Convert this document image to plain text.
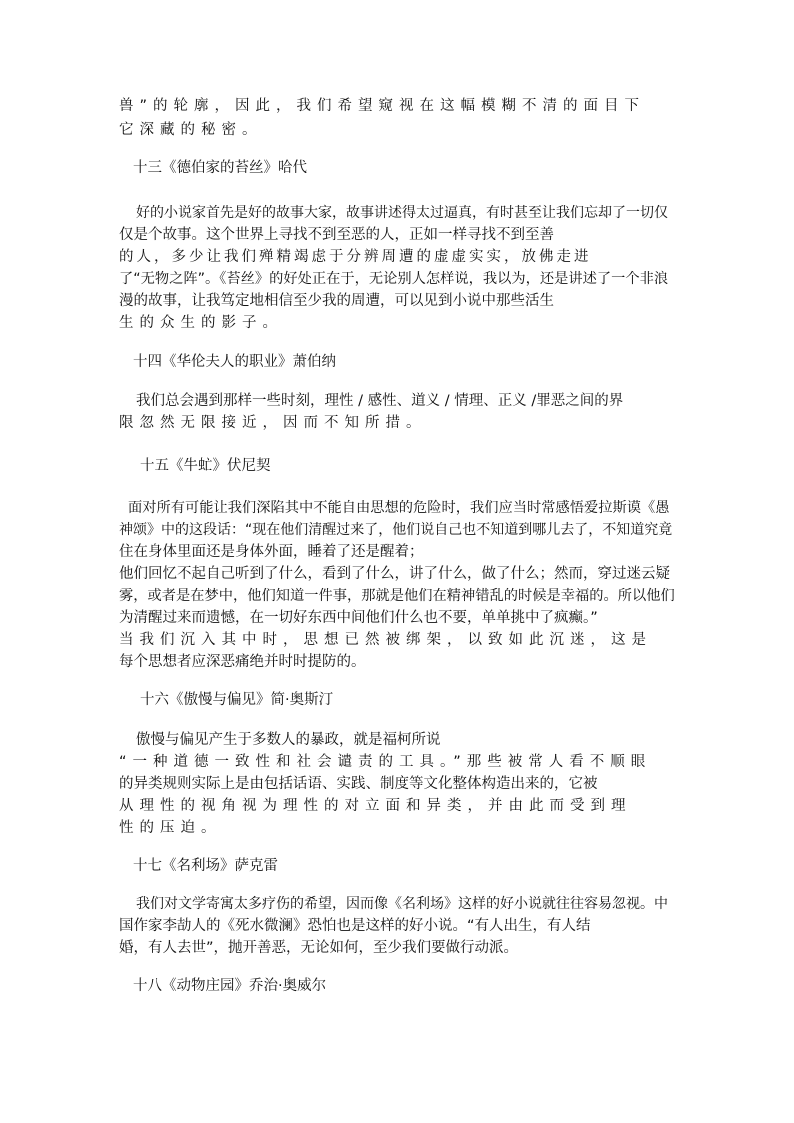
兽”的轮廓，因此，我们希望窥视在这幅模糊不清的面目下

它深藏的秘密。

十三《德伯家的苔丝》哈代

好的小说家首先是好的故事大家，故事讲述得太过逼真，有时甚至让我们忘却了一切仅

仅是个故事。这个世界上寻找不到至恶的人，正如一样寻找不到至善

的人，多少让我们殚精竭虑于分辨周遭的虚虚实实，放佛走进

了“无物之阵”。《苔丝》的好处正在于，无论别人怎样说，我以为，还是讲述了一个非浪

漫的故事，让我笃定地相信至少我的周遭，可以见到小说中那些活生

生的众生的影子。

十四《华伦夫人的职业》萧伯纳

我们总会遇到那样一些时刻，理性 / 感性、道义 / 情理、正义 /罪恶之间的界

限忽然无限接近，因而不知所措。

十五《牛虻》伏尼契

面对所有可能让我们深陷其中不能自由思想的危险时，我们应当时常感悟爱拉斯谟《愚

神颂》中的这段话：“现在他们清醒过来了，他们说自己也不知道到哪儿去了，不知道究竟

住在身体里面还是身体外面，睡着了还是醒着；

他们回忆不起自己听到了什么，看到了什么，讲了什么，做了什么；然而，穿过迷云疑

雾，或者是在梦中，他们知道一件事，那就是他们在精神错乱的时候是幸福的。所以他们

为清醒过来而遗憾，在一切好东西中间他们什么也不要，单单挑中了疯癫。”

当我们沉入其中时，思想已然被绑架，以致如此沉迷，这是

每个思想者应深恶痛绝并时时提防的。

十六《傲慢与偏见》简·奥斯汀

傲慢与偏见产生于多数人的暴政，就是福柯所说

“一种道德一致性和社会谴责的工具。”那些被常人看不顺眼

的异类规则实际上是由包括话语、实践、制度等文化整体构造出来的，它被

从理性的视角视为理性的对立面和异类，并由此而受到理

性的压迫。

十七《名利场》萨克雷

我们对文学寄寓太多疗伤的希望，因而像《名利场》这样的好小说就往往容易忽视。中

国作家李劼人的《死水微澜》恐怕也是这样的好小说。“有人出生，有人结

婚，有人去世”，抛开善恶，无论如何，至少我们要做行动派。

十八《动物庄园》乔治·奥威尔
